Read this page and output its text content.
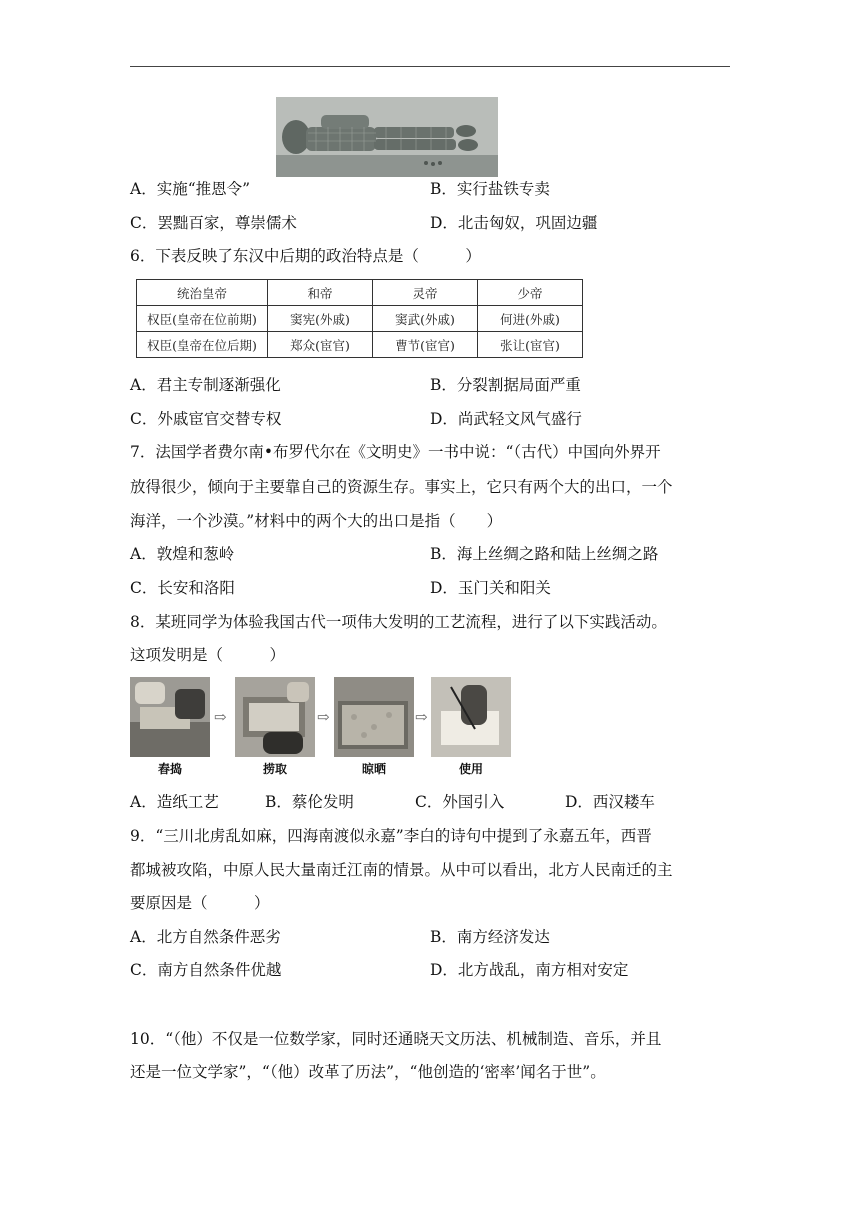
A．实施“推恩令”	B．实行盐铁专卖
C．罢黜百家，尊崇儒术	D．北击匈奴，巩固边疆
6．下表反映了东汉中后期的政治特点是（　　　）
统治皇帝	和帝	灵帝	少帝
权臣(皇帝在位前期)	窦宪(外戚)	窦武(外戚)	何进(外戚)
权臣(皇帝在位后期)	郑众(宦官)	曹节(宦官)	张让(宦官)
A．君主专制逐渐强化	B．分裂割据局面严重
C．外戚宦官交替专权	D．尚武轻文风气盛行
7．法国学者费尔南•布罗代尔在《文明史》一书中说：“（古代）中国向外界开
放得很少，倾向于主要靠自己的资源生存。事实上，它只有两个大的出口，一个
海洋，一个沙漠。”材料中的两个大的出口是指（　　）
A．敦煌和葱岭	B．海上丝绸之路和陆上丝绸之路
C．长安和洛阳	D．玉门关和阳关
8．某班同学为体验我国古代一项伟大发明的工艺流程，进行了以下实践活动。
这项发明是（　　　）
⇨	⇨	⇨
舂捣	捞取	晾晒	使用
A．造纸工艺	B．蔡伦发明	C．外国引入	D．西汉耧车
9．“三川北虏乱如麻，四海南渡似永嘉”李白的诗句中提到了永嘉五年，西晋
都城被攻陷，中原人民大量南迁江南的情景。从中可以看出，北方人民南迁的主
要原因是（　　　）
A．北方自然条件恶劣	B．南方经济发达
C．南方自然条件优越	D．北方战乱，南方相对安定
10．“（他）不仅是一位数学家，同时还通晓天文历法、机械制造、音乐，并且
还是一位文学家”，“（他）改革了历法”，“他创造的‘密率’闻名于世”。
